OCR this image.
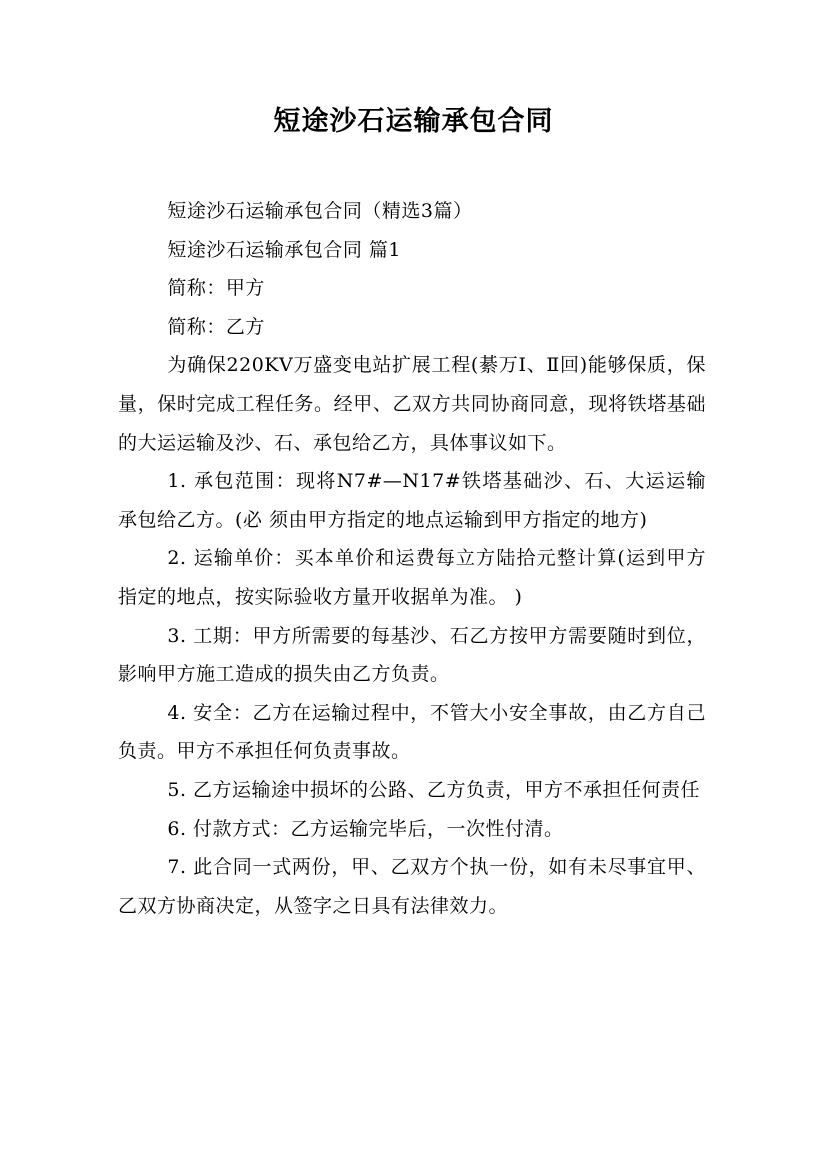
短途沙石运输承包合同

短途沙石运输承包合同（精选3篇）

短途沙石运输承包合同 篇1

简称：甲方

简称：乙方

为确保220KV万盛变电站扩展工程(綦万Ⅰ、Ⅱ回)能够保质，保量，保时完成工程任务。经甲、乙双方共同协商同意，现将铁塔基础的大运运输及沙、石、承包给乙方，具体事议如下。

1. 承包范围：现将N7#—N17#铁塔基础沙、石、大运运输承包给乙方。(必 须由甲方指定的地点运输到甲方指定的地方)

2. 运输单价：买本单价和运费每立方陆拾元整计算(运到甲方指定的地点，按实际验收方量开收据单为准。 )

3. 工期：甲方所需要的每基沙、石乙方按甲方需要随时到位，影响甲方施工造成的损失由乙方负责。

4. 安全：乙方在运输过程中，不管大小安全事故，由乙方自己负责。甲方不承担任何负责事故。

5. 乙方运输途中损坏的公路、乙方负责，甲方不承担任何责任

6. 付款方式：乙方运输完毕后，一次性付清。

7. 此合同一式两份，甲、乙双方个执一份，如有未尽事宜甲、乙双方协商决定，从签字之日具有法律效力。
